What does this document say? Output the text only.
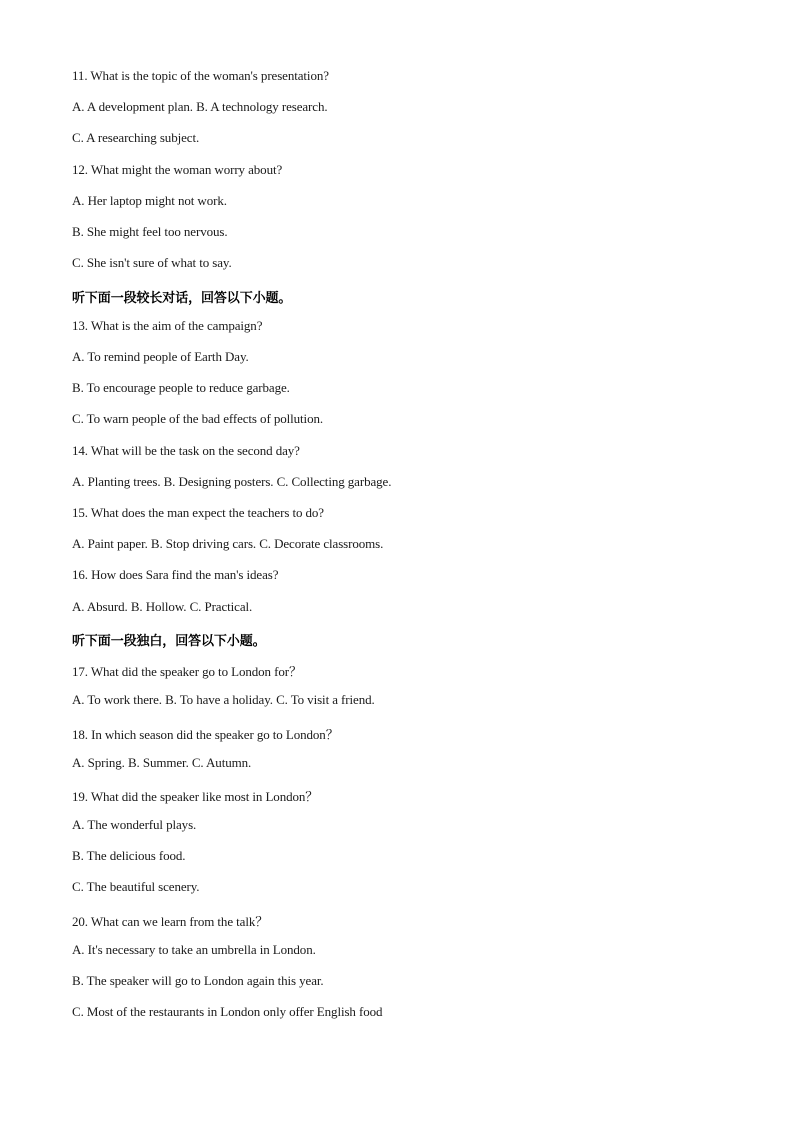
11. What is the topic of the woman's presentation?
A. A development plan. B. A technology research.
C. A researching subject.
12. What might the woman worry about?
A. Her laptop might not work.
B. She might feel too nervous.
C. She isn't sure of what to say.
听下面一段较长对话，回答以下小题。
13. What is the aim of the campaign?
A. To remind people of Earth Day.
B. To encourage people to reduce garbage.
C. To warn people of the bad effects of pollution.
14. What will be the task on the second day?
A. Planting trees. B. Designing posters. C. Collecting garbage.
15. What does the man expect the teachers to do?
A. Paint paper. B. Stop driving cars. C. Decorate classrooms.
16. How does Sara find the man's ideas?
A. Absurd. B. Hollow. C. Practical.
听下面一段独白，回答以下小题。
17. What did the speaker go to London for？
A. To work there. B. To have a holiday. C. To visit a friend.
18. In which season did the speaker go to London？
A. Spring. B. Summer. C. Autumn.
19. What did the speaker like most in London？
A. The wonderful plays.
B. The delicious food.
C. The beautiful scenery.
20. What can we learn from the talk？
A. It's necessary to take an umbrella in London.
B. The speaker will go to London again this year.
C. Most of the restaurants in London only offer English food
